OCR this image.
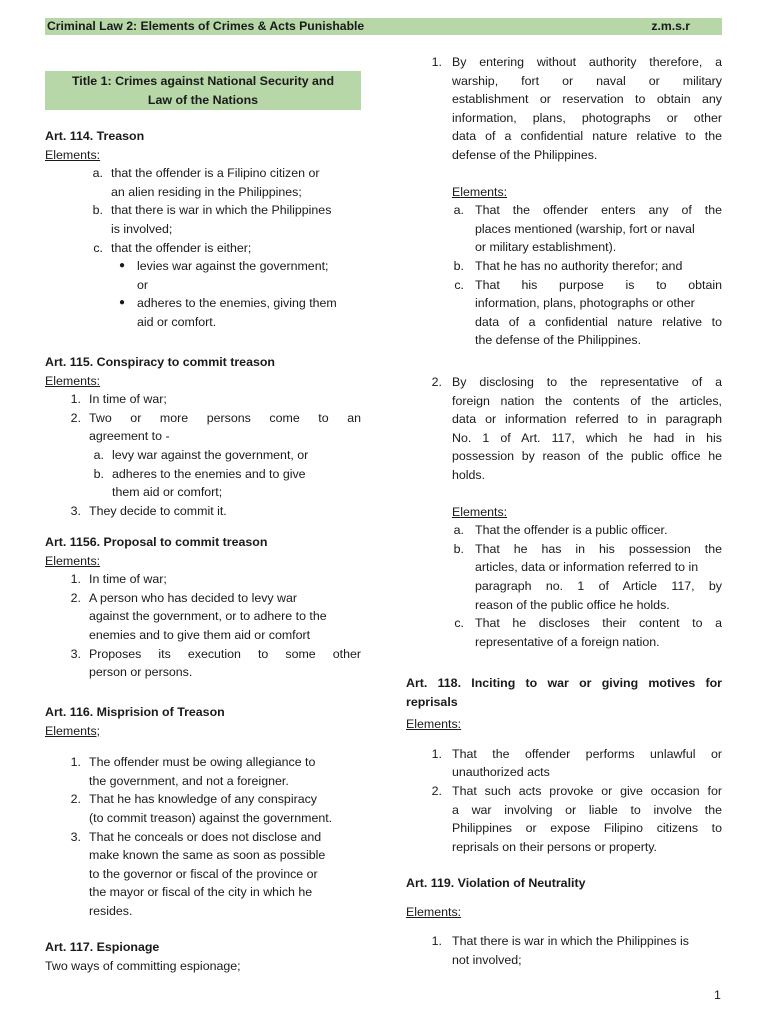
Criminal Law 2: Elements of Crimes & Acts Punishable	z.m.s.r
Title 1: Crimes against National Security and
Law of the Nations
Art. 114. Treason
Elements:
a. that the offender is a Filipino citizen or
an alien residing in the Philippines;
b. that there is war in which the Philippines
is involved;
c. that the offender is either;
● levies war against the government;
or
● adheres to the enemies, giving them
aid or comfort.
Art. 115. Conspiracy to commit treason
Elements:
1. In time of war;
2. Two or more persons come to an
agreement to -
a. levy war against the government, or
b. adheres to the enemies and to give
them aid or comfort;
3. They decide to commit it.
Art. 1156. Proposal to commit treason
Elements:
1. In time of war;
2. A person who has decided to levy war
against the government, or to adhere to the
enemies and to give them aid or comfort
3. Proposes its execution to some other
person or persons.
Art. 116. Misprision of Treason
Elements;
1. The offender must be owing allegiance to
the government, and not a foreigner.
2. That he has knowledge of any conspiracy
(to commit treason) against the government.
3. That he conceals or does not disclose and
make known the same as soon as possible
to the governor or fiscal of the province or
the mayor or fiscal of the city in which he
resides.
Art. 117. Espionage
Two ways of committing espionage;
1. By entering without authority therefore, a
warship, fort or naval or military
establishment or reservation to obtain any
information, plans, photographs or other
data of a confidential nature relative to the
defense of the Philippines.
Elements:
a. That the offender enters any of the
places mentioned (warship, fort or naval
or military establishment).
b. That he has no authority therefor; and
c. That his purpose is to obtain
information, plans, photographs or other
data of a confidential nature relative to
the defense of the Philippines.
2. By disclosing to the representative of a
foreign nation the contents of the articles,
data or information referred to in paragraph
No. 1 of Art. 117, which he had in his
possession by reason of the public office he
holds.
Elements:
a. That the offender is a public officer.
b. That he has in his possession the
articles, data or information referred to in
paragraph no. 1 of Article 117, by
reason of the public office he holds.
c. That he discloses their content to a
representative of a foreign nation.
Art. 118. Inciting to war or giving motives for
reprisals
Elements:
1. That the offender performs unlawful or
unauthorized acts
2. That such acts provoke or give occasion for
a war involving or liable to involve the
Philippines or expose Filipino citizens to
reprisals on their persons or property.
Art. 119. Violation of Neutrality
Elements:
1. That there is war in which the Philippines is
not involved;
1
